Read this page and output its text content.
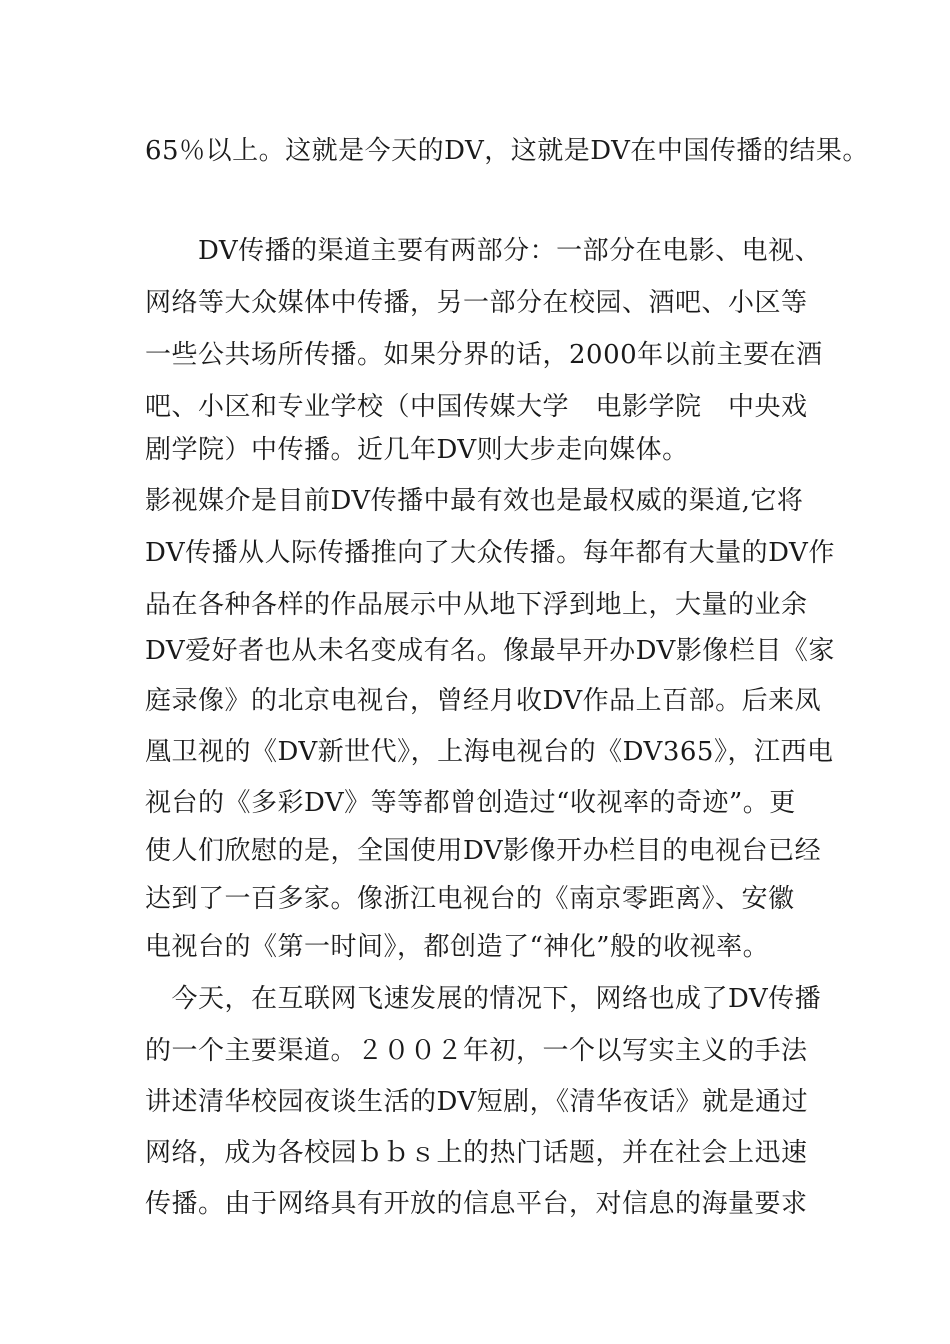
65％以上。这就是今天的DV，这就是DV在中国传播的结果。
　　DV传播的渠道主要有两部分：一部分在电影、电视、
网络等大众媒体中传播，另一部分在校园、酒吧、小区等
一些公共场所传播。如果分界的话，2000年以前主要在酒
吧、小区和专业学校（中国传媒大学　电影学院　中央戏
剧学院）中传播。近几年DV则大步走向媒体。
影视媒介是目前DV传播中最有效也是最权威的渠道,它将
DV传播从人际传播推向了大众传播。每年都有大量的DV作
品在各种各样的作品展示中从地下浮到地上，大量的业余
DV爱好者也从未名变成有名。像最早开办DV影像栏目《家
庭录像》的北京电视台，曾经月收DV作品上百部。后来凤
凰卫视的《DV新世代》，上海电视台的《DV365》，江西电
视台的《多彩DV》等等都曾创造过“收视率的奇迹”。更
使人们欣慰的是，全国使用DV影像开办栏目的电视台已经
达到了一百多家。像浙江电视台的《南京零距离》、安徽
电视台的《第一时间》，都创造了“神化”般的收视率。
　今天，在互联网飞速发展的情况下，网络也成了DV传播
的一个主要渠道。２００２年初，一个以写实主义的手法
讲述清华校园夜谈生活的DV短剧，《清华夜话》就是通过
网络，成为各校园ｂｂｓ上的热门话题，并在社会上迅速
传播。由于网络具有开放的信息平台，对信息的海量要求
